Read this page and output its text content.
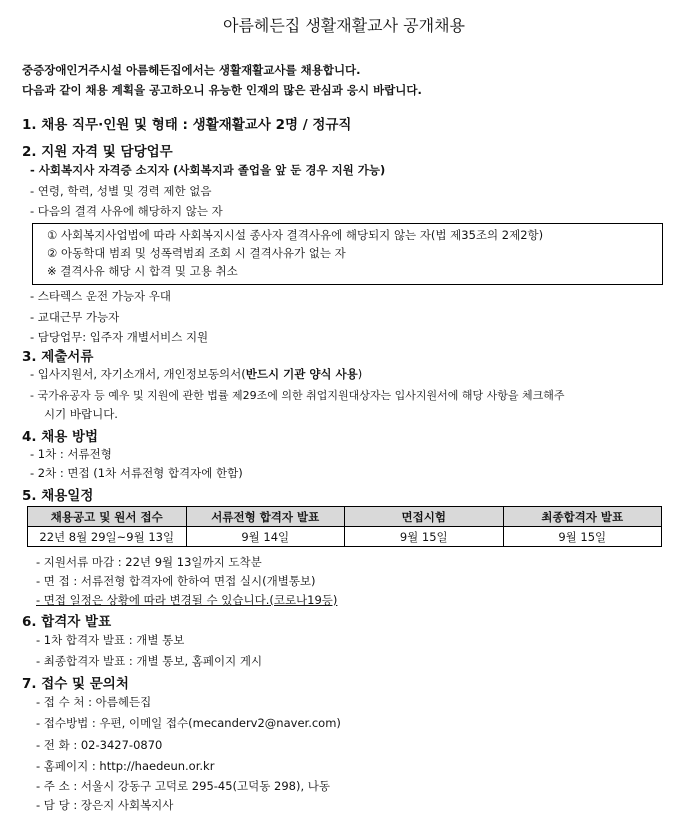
아름헤든집 생활재활교사 공개채용
중증장애인거주시설 아름헤든집에서는 생활재활교사를 채용합니다.
다음과 같이 채용 계획을 공고하오니 유능한 인재의 많은 관심과 응시 바랍니다.
1. 채용 직무·인원 및 형태 : 생활재활교사 2명 / 정규직
2. 지원 자격 및 담당업무
- 사회복지사 자격증 소지자 (사회복지과 졸업을 앞 둔 경우 지원 가능)
- 연령, 학력, 성별 및 경력 제한 없음
- 다음의 결격 사유에 해당하지 않는 자
① 사회복지사업법에 따라 사회복지시설 종사자 결격사유에 해당되지 않는 자(법 제35조의 2제2항)
② 아동학대 범죄 및 성폭력범죄 조회 시 결격사유가 없는 자
※ 결격사유 해당 시 합격 및 고용 취소
- 스타렉스 운전 가능자 우대
- 교대근무 가능자
- 담당업무: 입주자 개별서비스 지원
3. 제출서류
- 입사지원서, 자기소개서, 개인정보동의서(반드시 기관 양식 사용)
- 국가유공자 등 예우 및 지원에 관한 법률 제29조에 의한 취업지원대상자는 입사지원서에 해당 사항을 체크해주
시기 바랍니다.
4. 채용 방법
- 1차 : 서류전형
- 2차 : 면접 (1차 서류전형 합격자에 한함)
5. 채용일정
채용공고 및 원서 접수	서류전형 합격자 발표	면접시험	최종합격자 발표
22년 8월 29일~9월 13일	9월 14일	9월 15일	9월 15일
- 지원서류 마감 : 22년 9월 13일까지 도착분
- 면 접 : 서류전형 합격자에 한하여 면접 실시(개별통보)
- 면접 일정은 상황에 따라 변경될 수 있습니다.(코로나19등)
6. 합격자 발표
- 1차 합격자 발표 : 개별 통보
- 최종합격자 발표 : 개별 통보, 홈페이지 게시
7. 접수 및 문의처
- 접 수 처 : 아름헤든집
- 접수방법 : 우편, 이메일 접수(mecanderv2@naver.com)
- 전 화 : 02-3427-0870
- 홈페이지 : http://haedeun.or.kr
- 주 소 : 서울시 강동구 고덕로 295-45(고덕동 298), 나동
- 담 당 : 장은지 사회복지사
